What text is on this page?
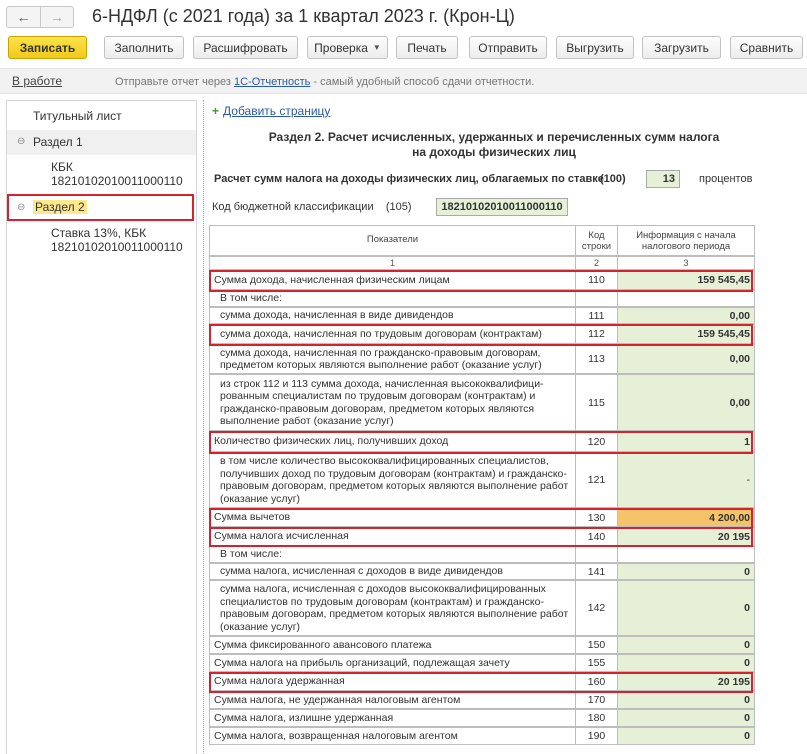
←	→	6-НДФЛ (с 2021 года) за 1 квартал 2023 г. (Крон-Ц)
Записать	Заполнить	Расшифровать	Проверка ▼	Печать	Отправить	Выгрузить	Загрузить	Сравнить
В работе	Отправьте отчет через 1С-Отчетность - самый удобный способ сдачи отчетности.
Титульный лист
⊖ Раздел 1
КБК
18210102010011000110
⊖ Раздел 2
Ставка 13%, КБК
18210102010011000110
+ Добавить страницу
Раздел 2. Расчет исчисленных, удержанных и перечисленных сумм налога
на доходы физических лиц
Расчет сумм налога на доходы физических лиц, облагаемых по ставке
(100)	13	процентов
Код бюджетной классификации (105)	18210102010011000110
Показатели	Код строки
Информация с начала налогового периода
1	2	3
Сумма дохода, начисленная физическим лицам	110	159 545,45
В том числе:
сумма дохода, начисленная в виде дивидендов	111	0,00
сумма дохода, начисленная по трудовым договорам (контрактам)	112	159 545,45
сумма дохода, начисленная по гражданско-правовым договорам, предметом которых являются выполнение работ (оказание услуг)	113	0,00
из строк 112 и 113 сумма дохода, начисленная высококвалифици-рованным специалистам по трудовым договорам (контрактам) и гражданско-правовым договорам, предметом которых являются выполнение работ (оказание услуг)
115	0,00
Количество физических лиц, получивших доход	120	1
в том числе количество высококвалифицированных специалистов, получивших доход по трудовым договорам (контрактам) и гражданско-правовым договорам, предметом которых являются выполнение работ (оказание услуг)
121	-
Сумма вычетов	130	4 200,00
Сумма налога исчисленная	140	20 195
В том числе:
сумма налога, исчисленная с доходов в виде дивидендов	141	0
сумма налога, исчисленная с доходов высококвалифицированных специалистов по трудовым договорам (контрактам) и гражданско-правовым договорам, предметом которых являются выполнение работ (оказание услуг)
142	0
Сумма фиксированного авансового платежа	150	0
Сумма налога на прибыль организаций, подлежащая зачету	155	0
Сумма налога удержанная	160	20 195
Сумма налога, не удержанная налоговым агентом	170	0
Сумма налога, излишне удержанная	180	0
Сумма налога, возвращенная налоговым агентом	190	0
